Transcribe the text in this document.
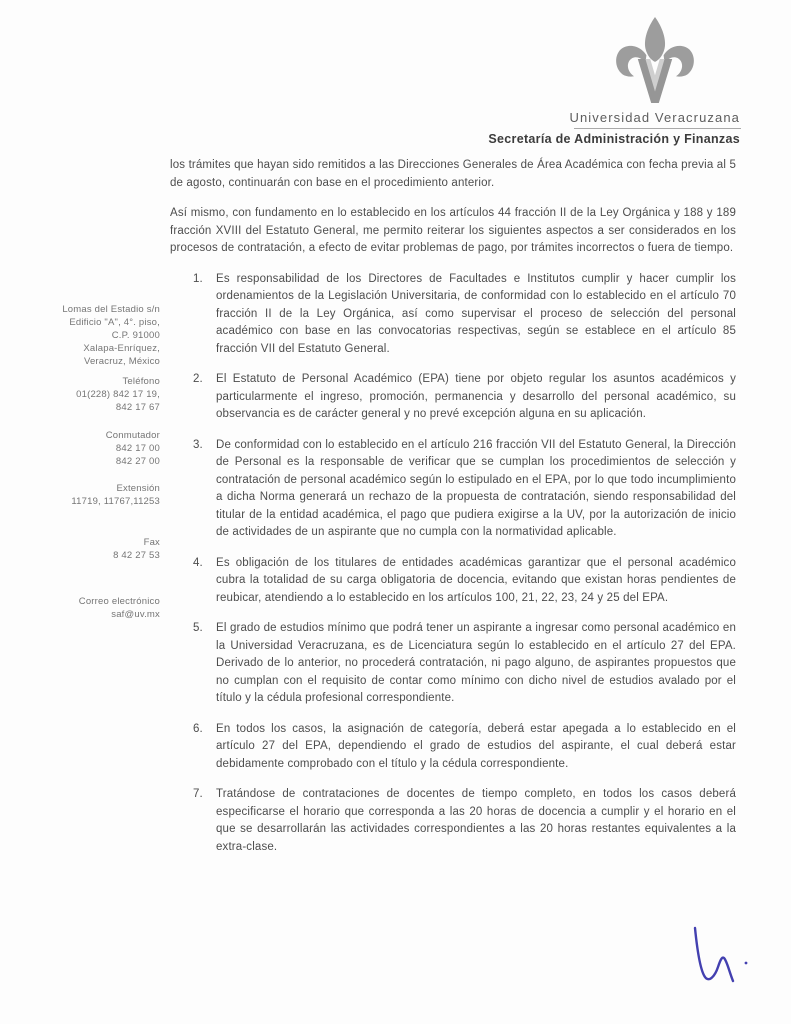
Universidad Veracruzana
Secretaría de Administración y Finanzas
Lomas del Estadio s/n
Edificio "A", 4°. piso,
C.P. 91000
Xalapa-Enríquez,
Veracruz, México
Teléfono
01(228) 842 17 19,
842 17 67
Conmutador
842 17 00
842 27 00
Extensión
11719, 11767,11253
Fax
8 42 27 53
Correo electrónico
saf@uv.mx

los trámites que hayan sido remitidos a las Direcciones Generales de Área Académica con fecha previa al 5 de agosto, continuarán con base en el procedimiento anterior.

Así mismo, con fundamento en lo establecido en los artículos 44 fracción II de la Ley Orgánica y 188 y 189 fracción XVIII del Estatuto General, me permito reiterar los siguientes aspectos a ser considerados en los procesos de contratación, a efecto de evitar problemas de pago, por trámites incorrectos o fuera de tiempo.

1.	Es responsabilidad de los Directores de Facultades e Institutos cumplir y hacer cumplir los ordenamientos de la Legislación Universitaria, de conformidad con lo establecido en el artículo 70 fracción II de la Ley Orgánica, así como supervisar el proceso de selección del personal académico con base en las convocatorias respectivas, según se establece en el artículo 85 fracción VII del Estatuto General.
2.	El Estatuto de Personal Académico (EPA) tiene por objeto regular los asuntos académicos y particularmente el ingreso, promoción, permanencia y desarrollo del personal académico, su observancia es de carácter general y no prevé excepción alguna en su aplicación.
3.	De conformidad con lo establecido en el artículo 216 fracción VII del Estatuto General, la Dirección de Personal es la responsable de verificar que se cumplan los procedimientos de selección y contratación de personal académico según lo estipulado en el EPA, por lo que todo incumplimiento a dicha Norma generará un rechazo de la propuesta de contratación, siendo responsabilidad del titular de la entidad académica, el pago que pudiera exigirse a la UV, por la autorización de inicio de actividades de un aspirante que no cumpla con la normatividad aplicable.
4.	Es obligación de los titulares de entidades académicas garantizar que el personal académico cubra la totalidad de su carga obligatoria de docencia, evitando que existan horas pendientes de reubicar, atendiendo a lo establecido en los artículos 100, 21, 22, 23, 24 y 25 del EPA.
5.	El grado de estudios mínimo que podrá tener un aspirante a ingresar como personal académico en la Universidad Veracruzana, es de Licenciatura según lo establecido en el artículo 27 del EPA. Derivado de lo anterior, no procederá contratación, ni pago alguno, de aspirantes propuestos que no cumplan con el requisito de contar como mínimo con dicho nivel de estudios avalado por el título y la cédula profesional correspondiente.
6.	En todos los casos, la asignación de categoría, deberá estar apegada a lo establecido en el artículo 27 del EPA, dependiendo el grado de estudios del aspirante, el cual deberá estar debidamente comprobado con el título y la cédula correspondiente.
7.	Tratándose de contrataciones de docentes de tiempo completo, en todos los casos deberá especificarse el horario que corresponda a las 20 horas de docencia a cumplir y el horario en el que se desarrollarán las actividades correspondientes a las 20 horas restantes equivalentes a la extra-clase.
